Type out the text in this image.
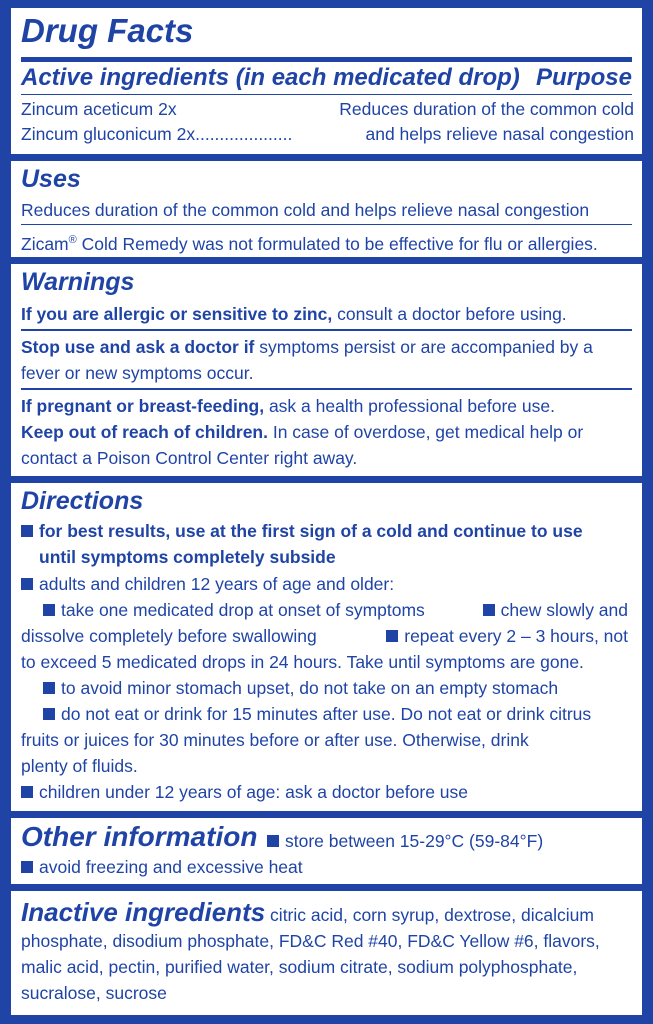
Drug Facts
Active ingredients (in each medicated drop) Purpose
Zincum aceticum 2x	Reduces duration of the common cold
Zincum gluconicum 2x....................	and helps relieve nasal congestion
Uses
Reduces duration of the common cold and helps relieve nasal congestion
Zicam® Cold Remedy was not formulated to be effective for flu or allergies.
Warnings
If you are allergic or sensitive to zinc, consult a doctor before using.
Stop use and ask a doctor if symptoms persist or are accompanied by a
fever or new symptoms occur.
If pregnant or breast-feeding, ask a health professional before use.
Keep out of reach of children. In case of overdose, get medical help or
contact a Poison Control Center right away.
Directions
for best results, use at the first sign of a cold and continue to use
until symptoms completely subside
adults and children 12 years of age and older:
take one medicated drop at onset of symptoms	chew slowly and
dissolve completely before swallowing	repeat every 2 – 3 hours, not
to exceed 5 medicated drops in 24 hours. Take until symptoms are gone.
to avoid minor stomach upset, do not take on an empty stomach
do not eat or drink for 15 minutes after use. Do not eat or drink citrus
fruits or juices for 30 minutes before or after use. Otherwise, drink
plenty of fluids.
children under 12 years of age: ask a doctor before use
Other information	store between 15-29°C (59-84°F)
avoid freezing and excessive heat
Inactive ingredients citric acid, corn syrup, dextrose, dicalcium
phosphate, disodium phosphate, FD&C Red #40, FD&C Yellow #6, flavors,
malic acid, pectin, purified water, sodium citrate, sodium polyphosphate,
sucralose, sucrose
